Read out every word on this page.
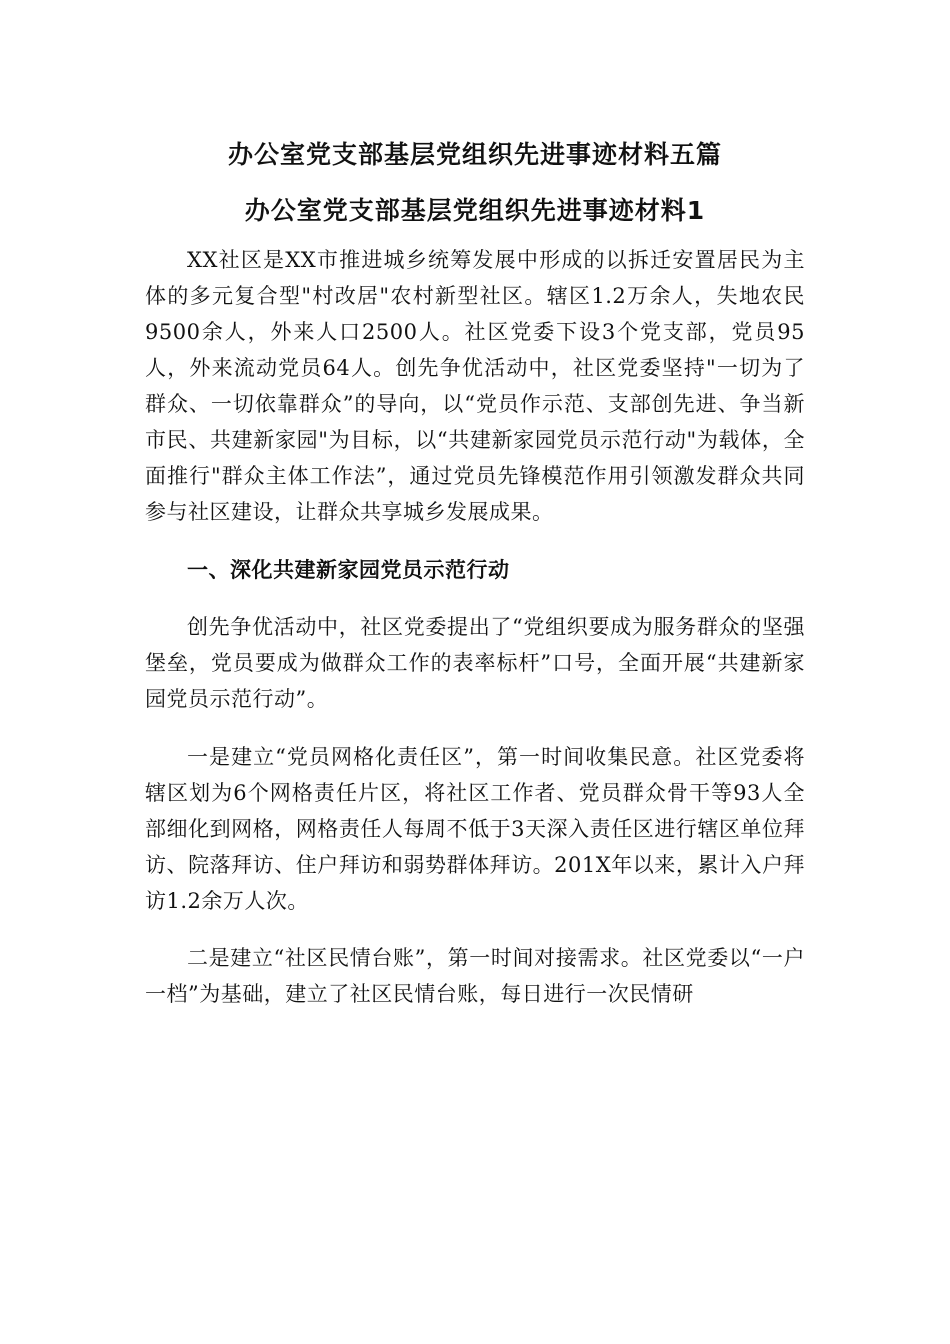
办公室党支部基层党组织先进事迹材料五篇
办公室党支部基层党组织先进事迹材料1

XX社区是XX市推进城乡统筹发展中形成的以拆迁安置居民为主体的多元复合型"村改居"农村新型社区。辖区1.2万余人，失地农民9500余人，外来人口2500人。社区党委下设3个党支部，党员95人，外来流动党员64人。创先争优活动中，社区党委坚持"一切为了群众、一切依靠群众”的导向，以“党员作示范、支部创先进、争当新市民、共建新家园"为目标，以“共建新家园党员示范行动"为载体，全面推行"群众主体工作法”，通过党员先锋模范作用引领激发群众共同参与社区建设，让群众共享城乡发展成果。

一、深化共建新家园党员示范行动

创先争优活动中，社区党委提出了“党组织要成为服务群众的坚强堡垒，党员要成为做群众工作的表率标杆”口号，全面开展“共建新家园党员示范行动”。

一是建立“党员网格化责任区”，第一时间收集民意。社区党委将辖区划为6个网格责任片区，将社区工作者、党员群众骨干等93人全部细化到网格，网格责任人每周不低于3天深入责任区进行辖区单位拜访、院落拜访、住户拜访和弱势群体拜访。201X年以来，累计入户拜访1.2余万人次。

二是建立“社区民情台账”，第一时间对接需求。社区党委以“一户一档”为基础，建立了社区民情台账，每日进行一次民情研
